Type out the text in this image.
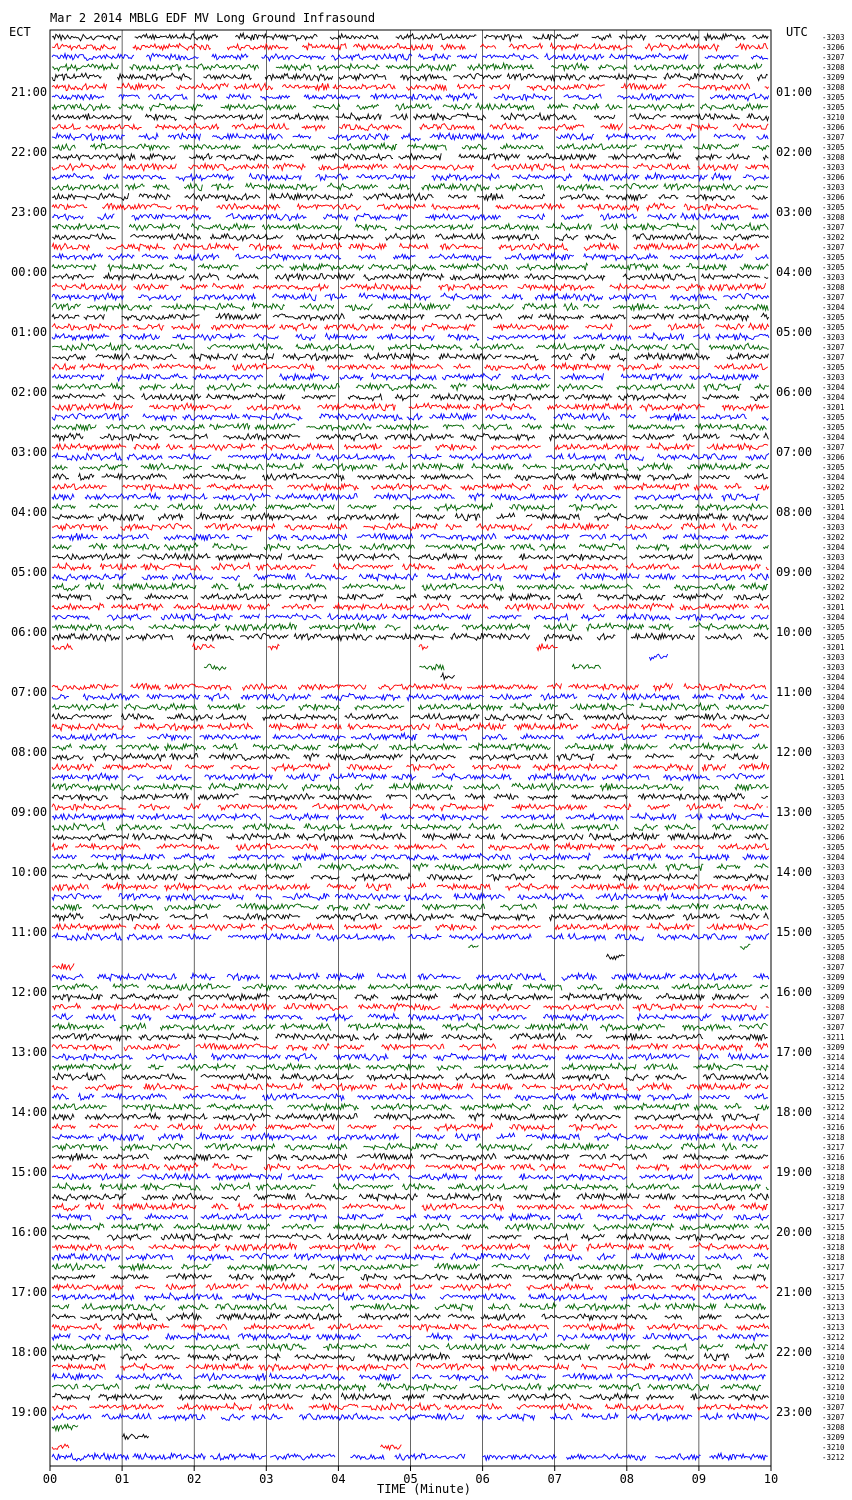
Mar 2 2014 MBLG EDF MV Long Ground Infrasound
ECT	UTC -3203
-3206
-3207
-3208
-3209
-3208
-3205
-3205
-3210
-3206
-3207
-3205
-3208
-3203
-3206
-3203
-3206
-3205
-3208
-3207
-3202
-3207
-3205
-3205
-3203
-3208
-3207
-3204
-3205
-3205
-3203
-3207
-3207
-3205
-3203
-3204
-3204
-3201
-3205
-3205
-3204
-3207
-3206
-3205
-3204
-3202
-3205
-3201
-3204
-3203
-3202
-3204
-3203
-3204
-3202
-3202
-3202
-3201
-3204
-3205
-3205
-3201
-3203
-3203
-3204
-3204
-3204
-3200
-3203
-3203
-3206
-3203
-3203
-3202
-3201
-3205
-3203
-3205
-3205
-3202
-3206
-3205
-3204
-3203
-3203
-3204
-3205
-3205
-3205
-3205
-3205
-3205
-3208
-3207
-3209
-3209
-3209
-3208
-3207
-3207
-3211
-3209
-3214
-3214
-3214
-3212
-3215
-3212
-3214
-3216
-3218
-3217
-3216
-3218
-3218
-3219
-3218
-3217
-3217
-3215
-3218
-3218
-3218
-3217
-3217
-3215
-3213
-3213
-3213
-3213
-3212
-3214
-3210
-3210
-3212
-3210
-3210
-3207
-3207
-3208
-3209
-3210
-3212
21:00	01:00
22:00	02:00
23:00	03:00
00:00	04:00
01:00	05:00
02:00	06:00
03:00	07:00
04:00	08:00
05:00	09:00
06:00	10:00
07:00	11:00
08:00	12:00
09:00	13:00
10:00	14:00
11:00	15:00
12:00	16:00
13:00	17:00
14:00	18:00
15:00	19:00
16:00	20:00
17:00	21:00
18:00	22:00
19:00	23:00
00	01	02	03	04	05	06	07	08	09	10
TIME (Minute)
